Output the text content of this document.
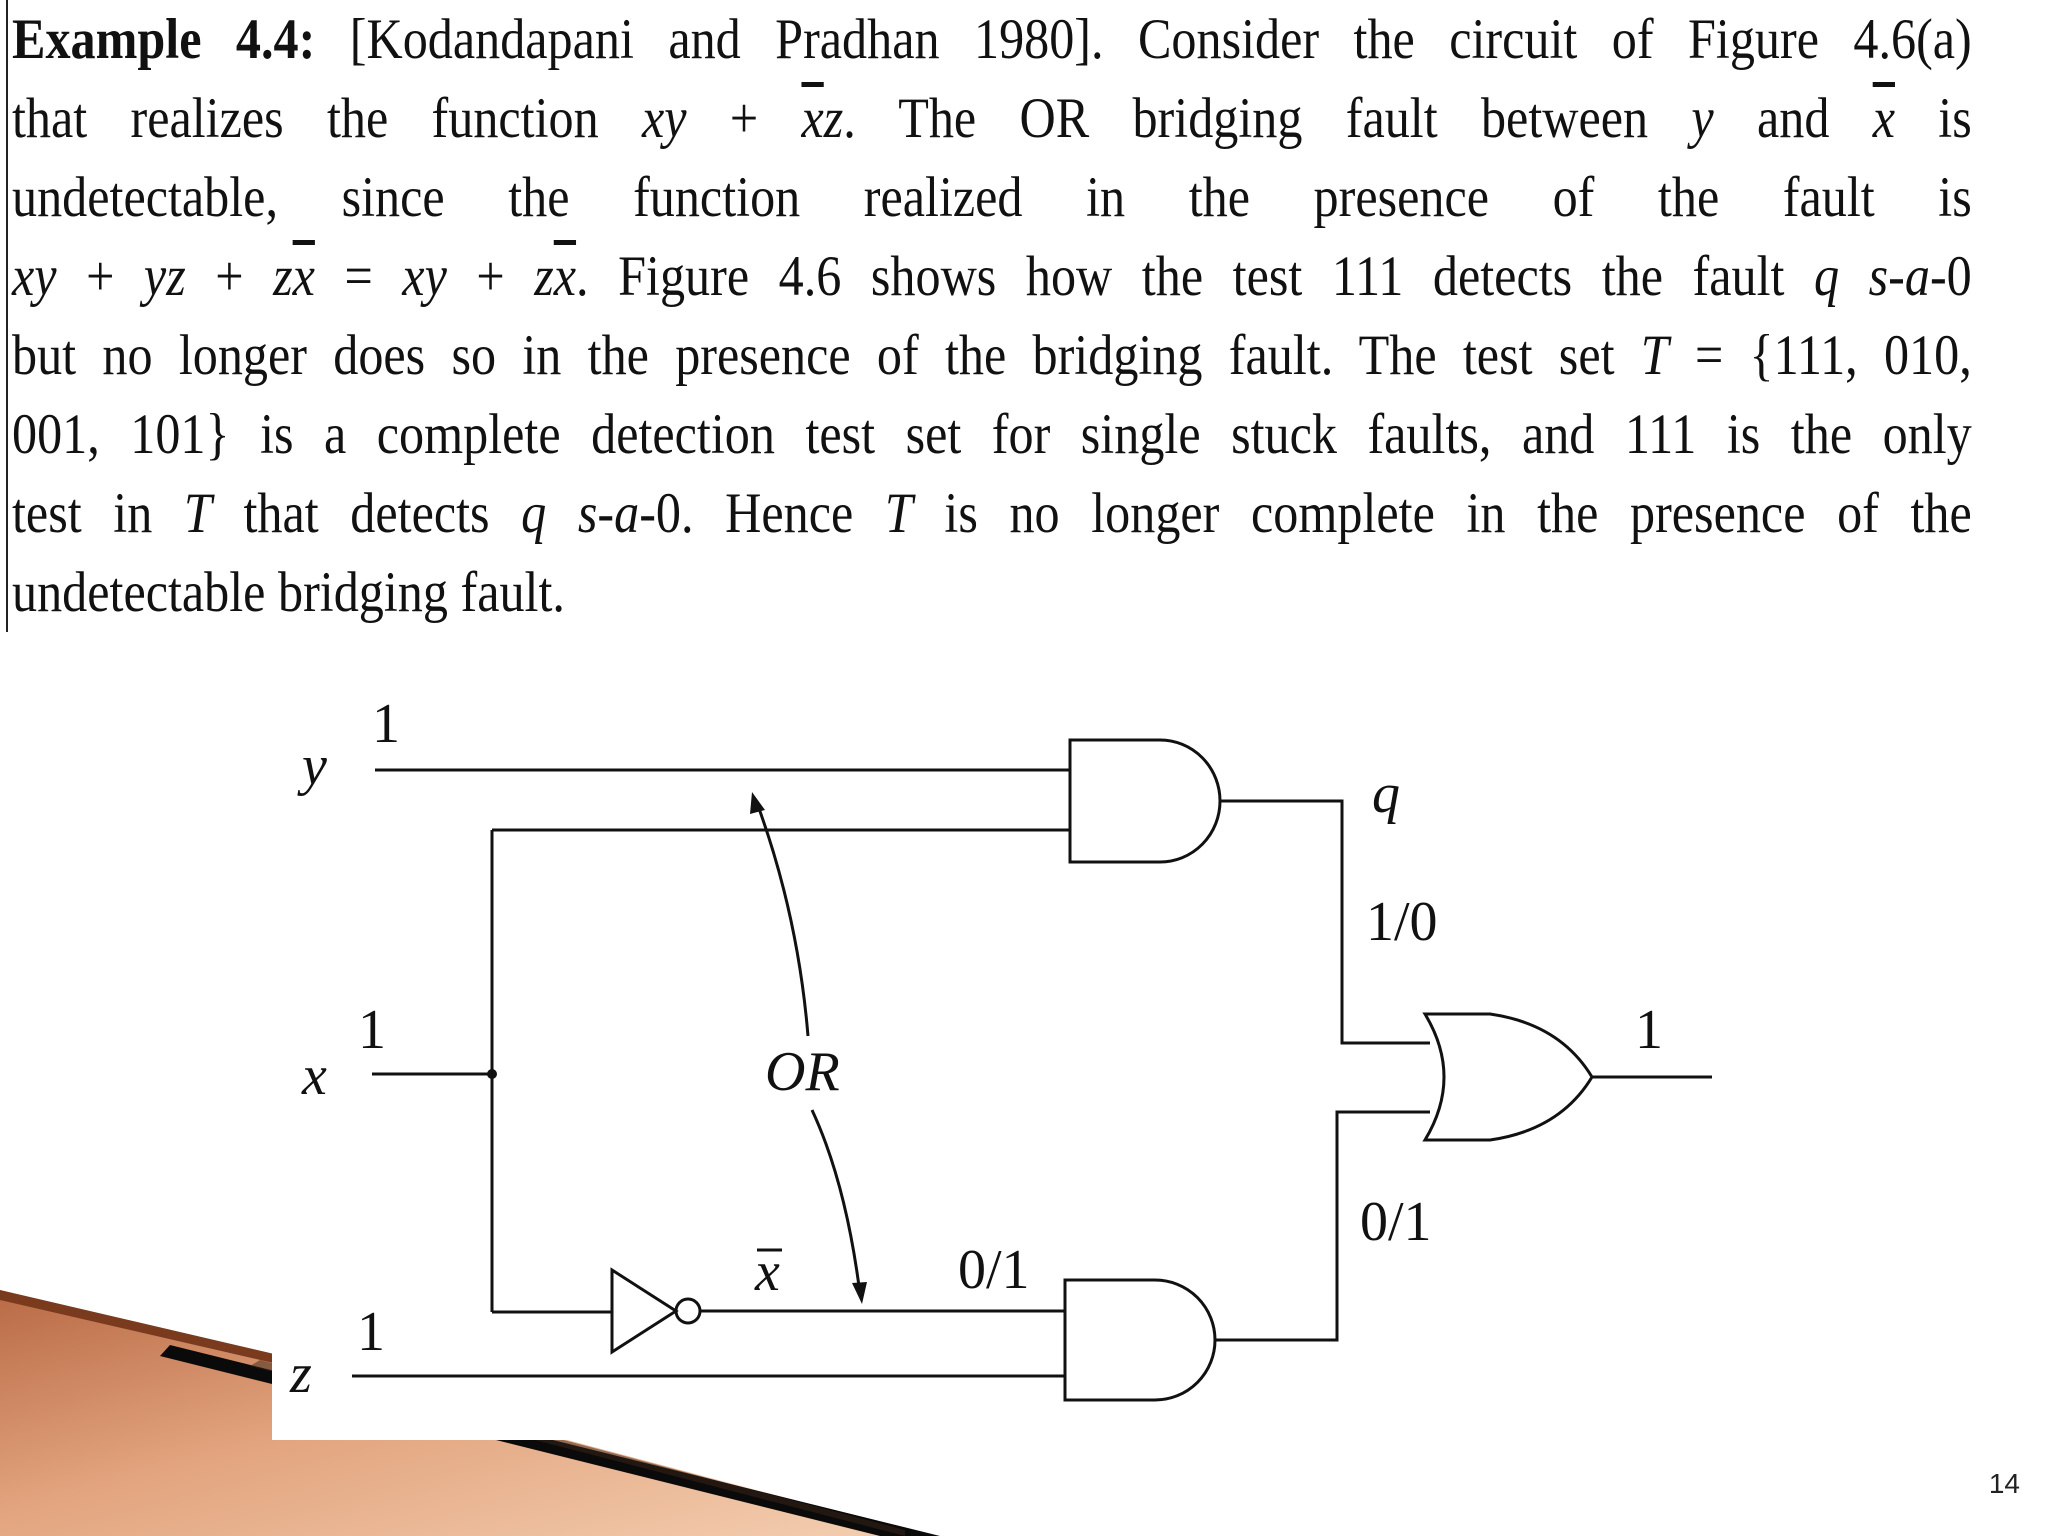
Example 4.4: [Kodandapani and Pradhan 1980]. Consider the circuit of Figure 4.6(a)
that realizes the function xy + $\overline{x}z$. The OR bridging fault between y and $\overline{x}$ is
undetectable, since the function realized in the presence of the fault is
xy + yz + $z\overline{x}$ = xy + $z\overline{x}$. Figure 4.6 shows how the test 111 detects the fault q s-a-0
but no longer does so in the presence of the bridging fault. The test set T = {111, 010,
001, 101} is a complete detection test set for single stuck faults, and 111 is the only
test in T that detects q s-a-0. Hence T is no longer complete in the presence of the
undetectable bridging fault.
y
1
x
1
z
1
x
OR
q
1/0
0/1
0/1
1
14
